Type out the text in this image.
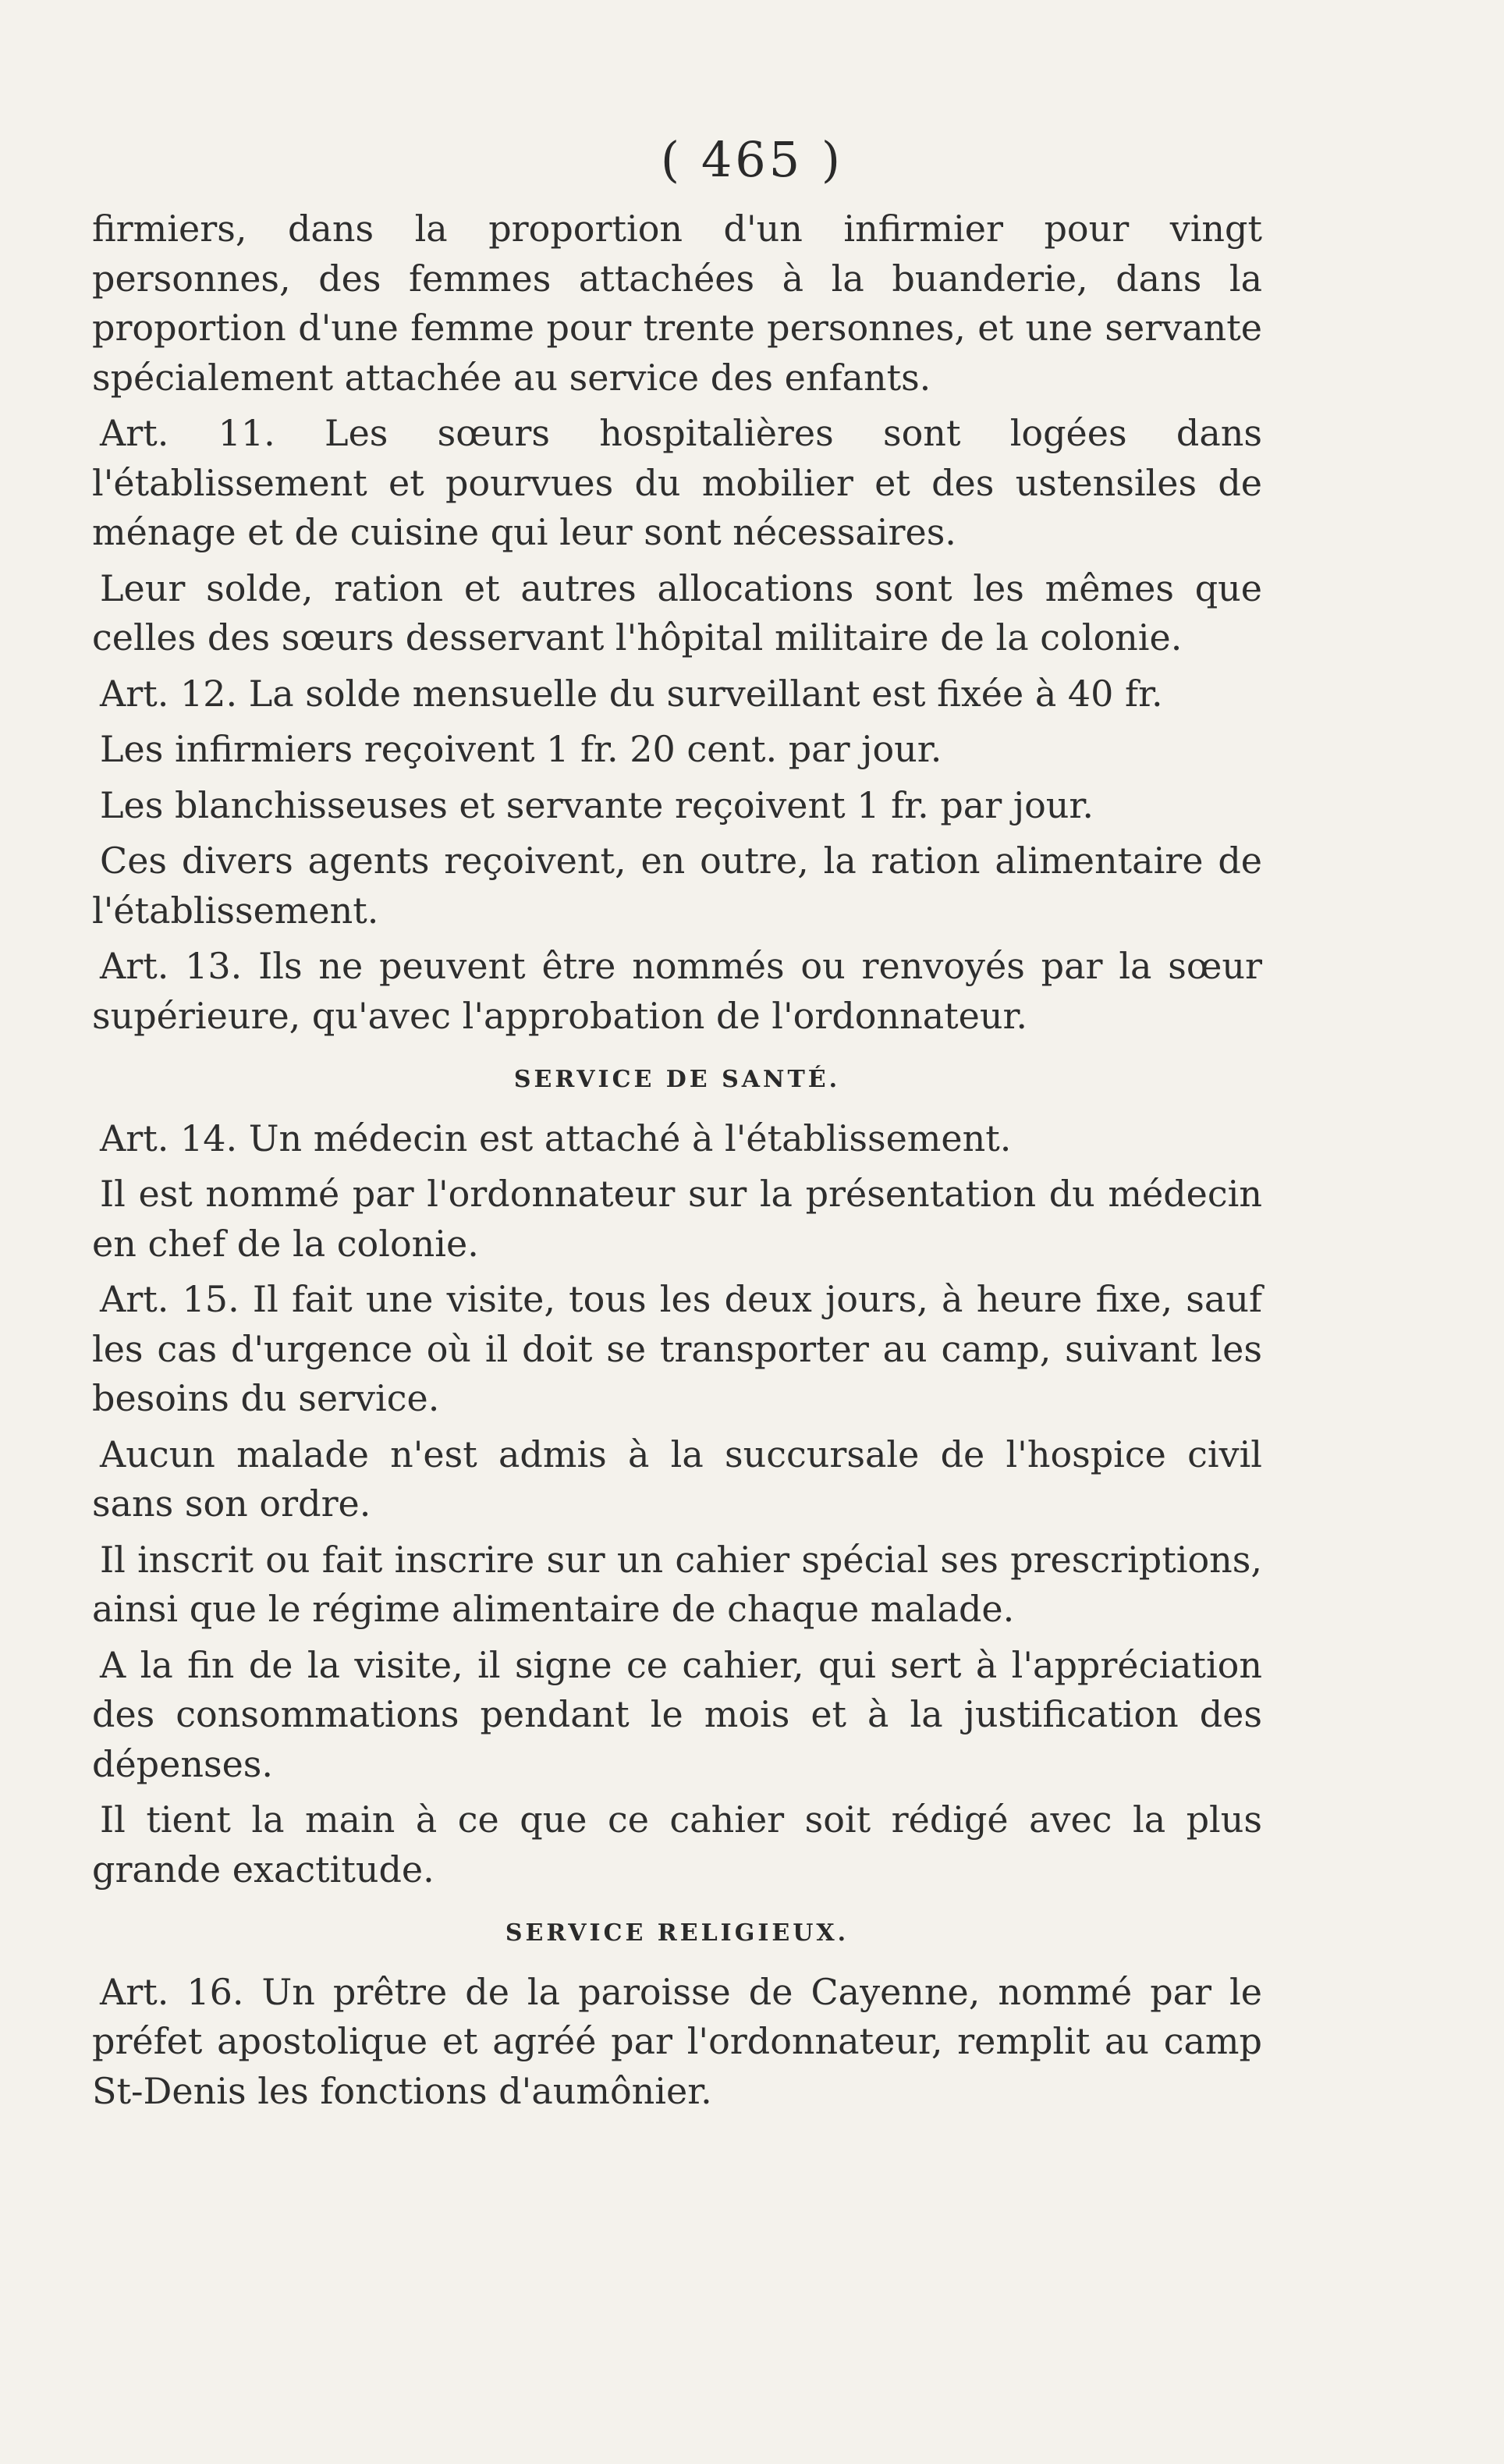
( 465 )

firmiers, dans la proportion d'un infirmier pour vingt personnes, des femmes attachées à la buanderie, dans la proportion d'une femme pour trente personnes, et une servante spécialement attachée au service des enfants.

Art. 11. Les sœurs hospitalières sont logées dans l'établissement et pourvues du mobilier et des ustensiles de ménage et de cuisine qui leur sont nécessaires.

Leur solde, ration et autres allocations sont les mêmes que celles des sœurs desservant l'hôpital militaire de la colonie.

Art. 12. La solde mensuelle du surveillant est fixée à 40 fr.

Les infirmiers reçoivent 1 fr. 20 cent. par jour.

Les blanchisseuses et servante reçoivent 1 fr. par jour.

Ces divers agents reçoivent, en outre, la ration alimentaire de l'établissement.

Art. 13. Ils ne peuvent être nommés ou renvoyés par la sœur supérieure, qu'avec l'approbation de l'ordonnateur.

SERVICE DE SANTÉ.

Art. 14. Un médecin est attaché à l'établissement.

Il est nommé par l'ordonnateur sur la présentation du médecin en chef de la colonie.

Art. 15. Il fait une visite, tous les deux jours, à heure fixe, sauf les cas d'urgence où il doit se transporter au camp, suivant les besoins du service.

Aucun malade n'est admis à la succursale de l'hospice civil sans son ordre.

Il inscrit ou fait inscrire sur un cahier spécial ses prescriptions, ainsi que le régime alimentaire de chaque malade.

A la fin de la visite, il signe ce cahier, qui sert à l'appréciation des consommations pendant le mois et à la justification des dépenses.

Il tient la main à ce que ce cahier soit rédigé avec la plus grande exactitude.

SERVICE RELIGIEUX.

Art. 16. Un prêtre de la paroisse de Cayenne, nommé par le préfet apostolique et agréé par l'ordonnateur, remplit au camp St-Denis les fonctions d'aumônier.
